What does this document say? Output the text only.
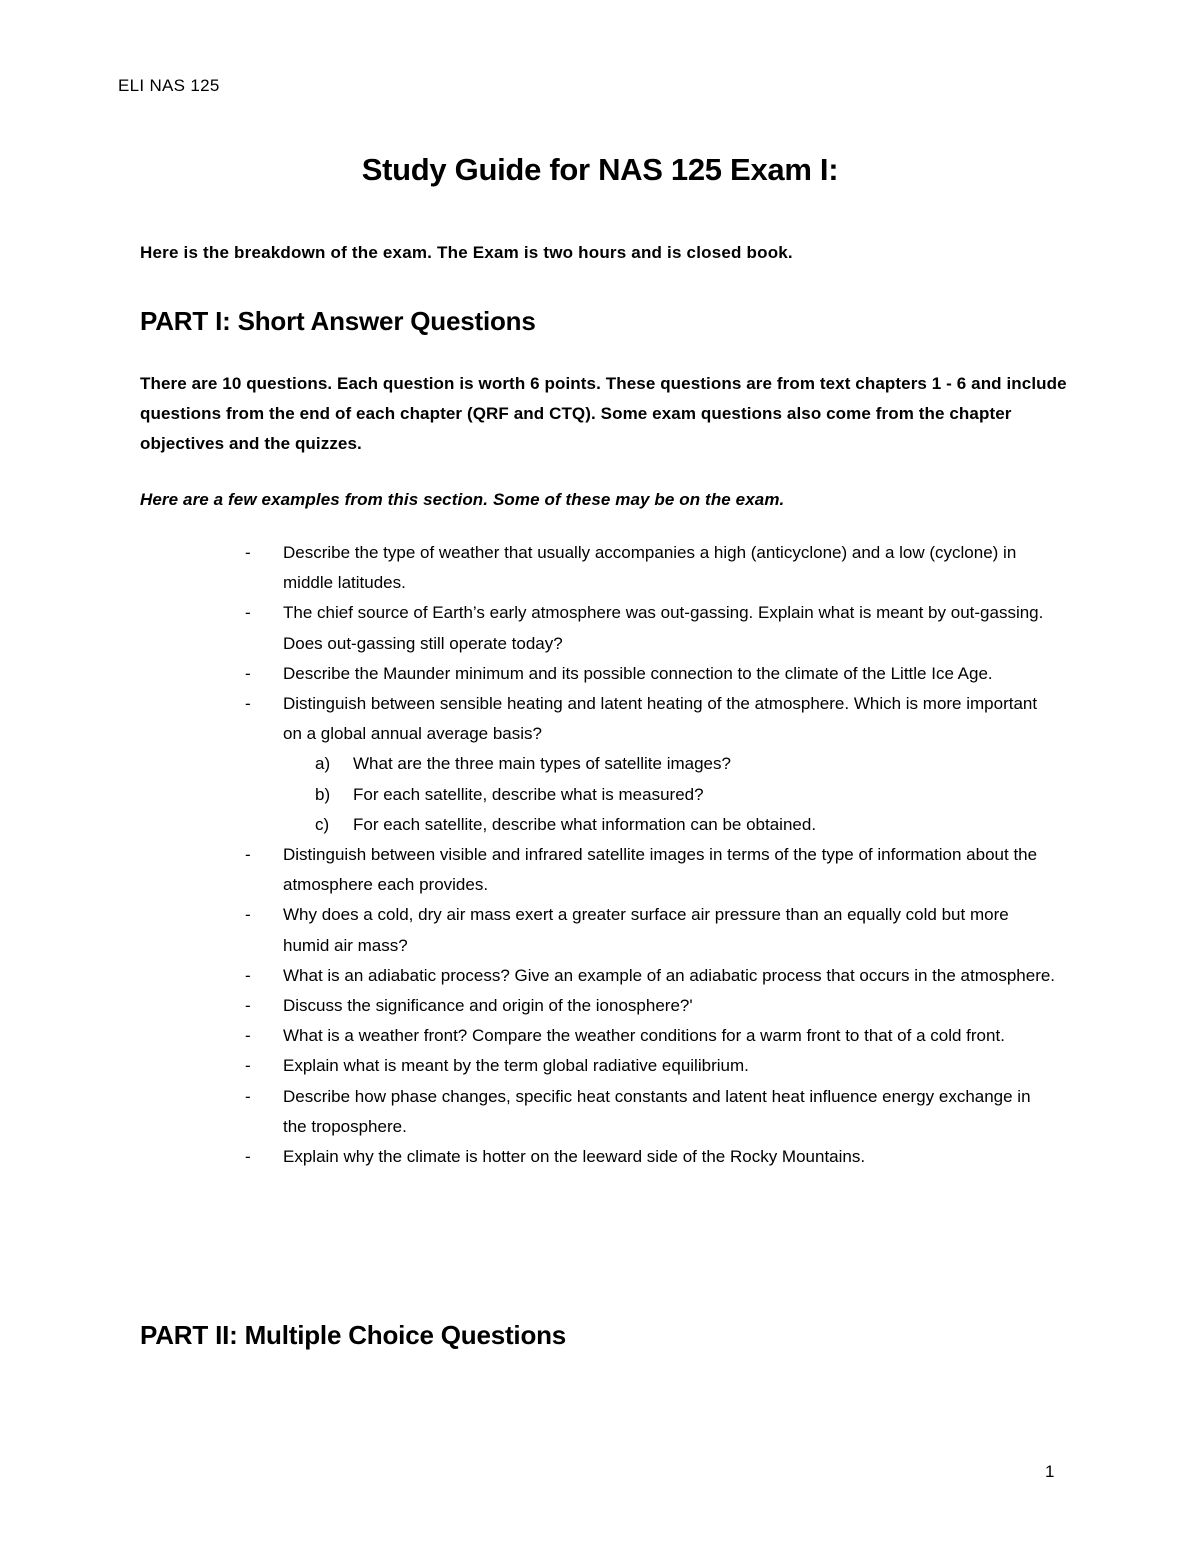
ELI NAS 125
Study Guide for NAS 125 Exam I:
Here is the breakdown of the exam. The Exam is two hours and is closed book.
PART I: Short Answer Questions

There are 10 questions. Each question is worth 6 points. These questions are from text chapters 1 - 6 and include questions from the end of each chapter (QRF and CTQ). Some exam questions also come from the chapter objectives and the quizzes.

Here are a few examples from this section. Some of these may be on the exam.
- Describe the type of weather that usually accompanies a high (anticyclone) and a low (cyclone) in middle latitudes.
- The chief source of Earth’s early atmosphere was out-gassing. Explain what is meant by out-gassing. Does out-gassing still operate today?
- Describe the Maunder minimum and its possible connection to the climate of the Little Ice Age.
- Distinguish between sensible heating and latent heating of the atmosphere. Which is more important on a global annual average basis?
a) What are the three main types of satellite images?
b) For each satellite, describe what is measured?
c) For each satellite, describe what information can be obtained.
- Distinguish between visible and infrared satellite images in terms of the type of information about the atmosphere each provides.
- Why does a cold, dry air mass exert a greater surface air pressure than an equally cold but more humid air mass?
- What is an adiabatic process? Give an example of an adiabatic process that occurs in the atmosphere.
- Discuss the significance and origin of the ionosphere?'
- What is a weather front? Compare the weather conditions for a warm front to that of a cold front.
- Explain what is meant by the term global radiative equilibrium.
- Describe how phase changes, specific heat constants and latent heat influence energy exchange in the troposphere.
- Explain why the climate is hotter on the leeward side of the Rocky Mountains.
PART II: Multiple Choice Questions
1
